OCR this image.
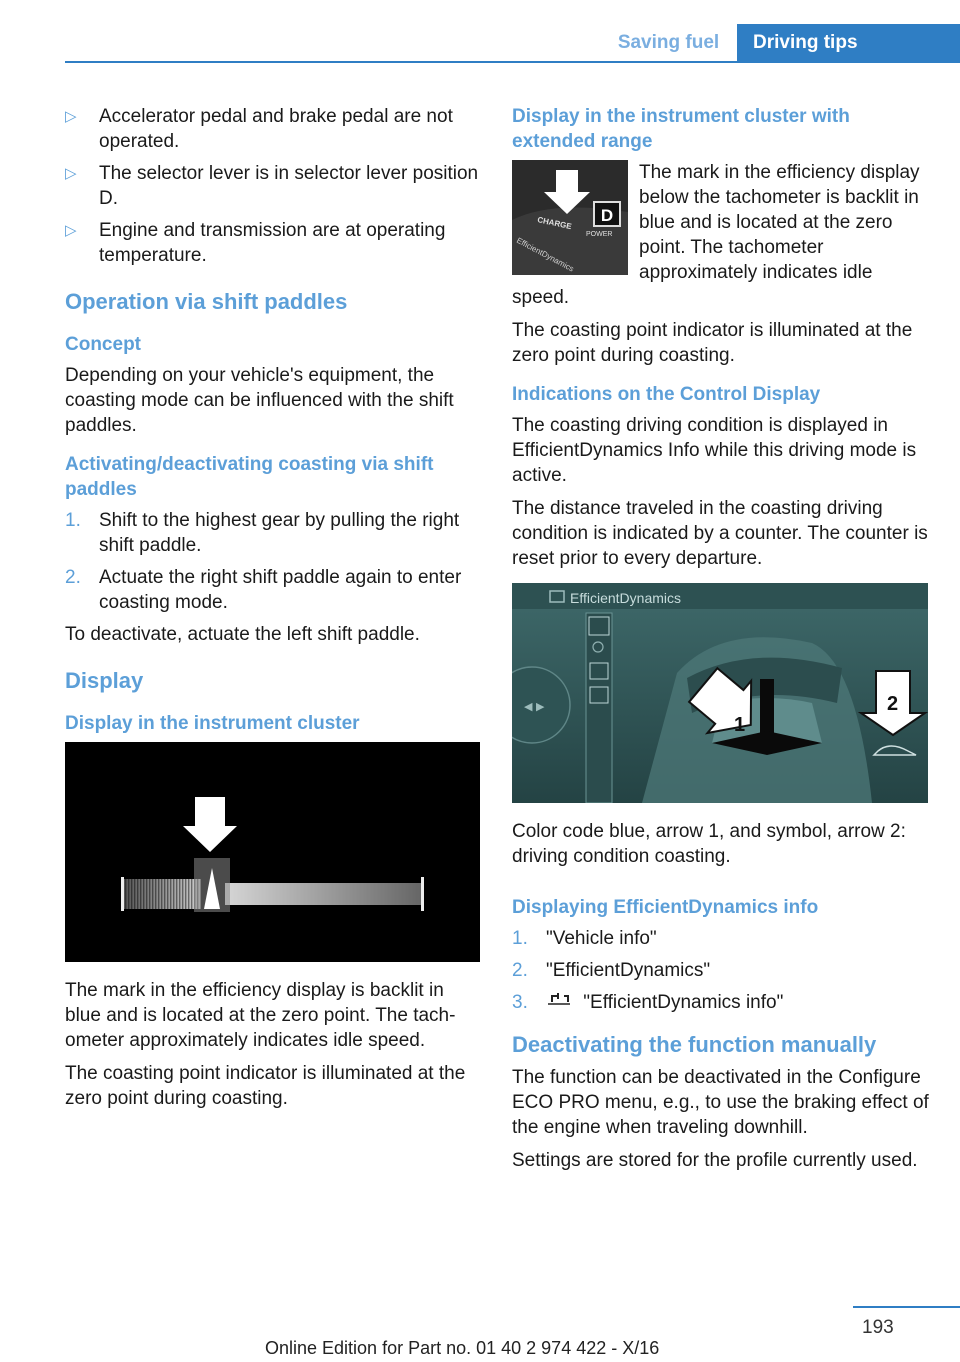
Saving fuel	Driving tips
▷ Accelerator pedal and brake pedal are not operated.
▷ The selector lever is in selector lever position D.
▷ Engine and transmission are at operating temperature.
Operation via shift paddles
Concept

Depending on your vehicle's equipment, the coasting mode can be influenced with the shift paddles.

Activating/deactivating coasting via shift paddles
1. Shift to the highest gear by pulling the right shift paddle.
2. Actuate the right shift paddle again to enter coasting mode.

To deactivate, actuate the left shift paddle.

Display
Display in the instrument cluster

The mark in the efficiency display is backlit in blue and is located at the zero point. The tachometer approximately indicates idle speed.

The coasting point indicator is illuminated at the zero point during coasting.

Display in the instrument cluster with extended range
D
CHARGE
POWER
EfficientDynamics

The mark in the efficiency display below the tachometer is backlit in blue and is located at the zero point. The tachometer approximately indicates idle speed.

The coasting point indicator is illuminated at the zero point during coasting.

Indications on the Control Display

The coasting driving condition is displayed in EfficientDynamics Info while this driving mode is active.

The distance traveled in the coasting driving condition is indicated by a counter. The counter is reset prior to every departure.

EfficientDynamics
◀ ▶
1
2

Color code blue, arrow 1, and symbol, arrow 2: driving condition coasting.

Displaying EfficientDynamics info
1. "Vehicle info"
2. "EfficientDynamics"
3.	"EfficientDynamics info"
Deactivating the function manually

The function can be deactivated in the Configure ECO PRO menu, e.g., to use the braking effect of the engine when traveling downhill.

Settings are stored for the profile currently used.

193
Online Edition for Part no. 01 40 2 974 422 - X/16
